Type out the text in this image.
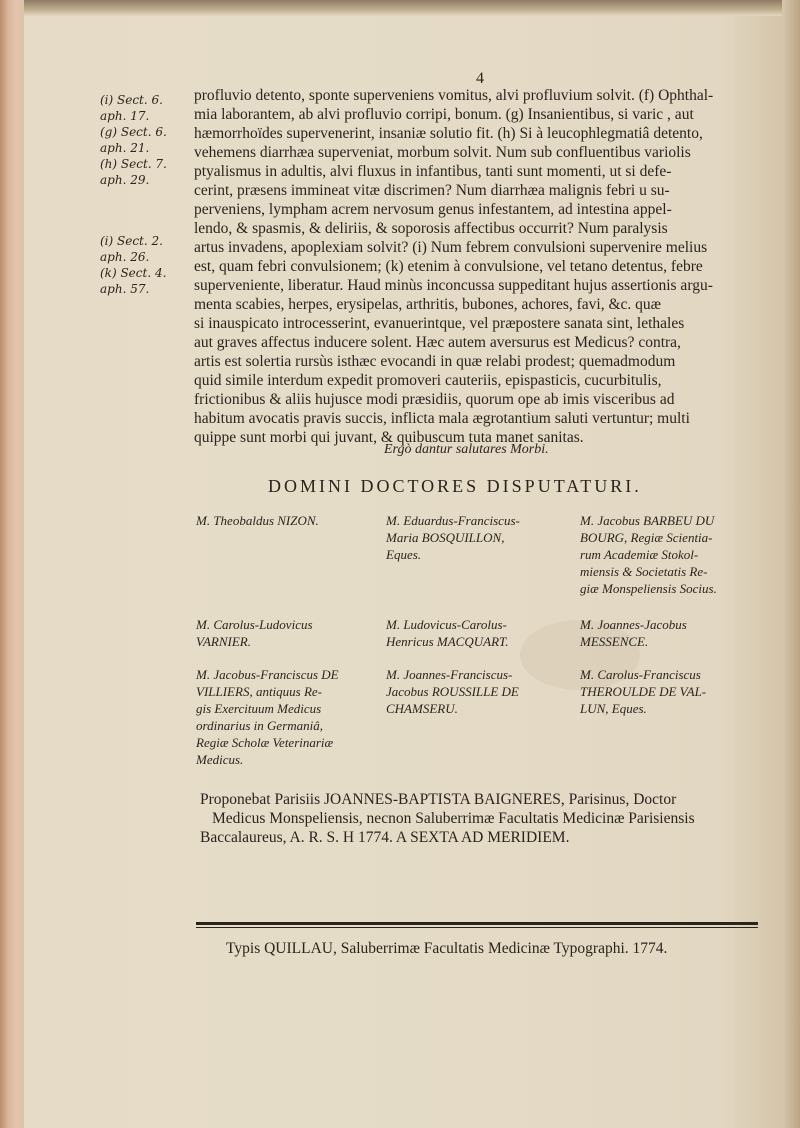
4
(i) Sect. 6.
aph. 17.
(g) Sect. 6.
aph. 21.
(h) Sect. 7.
aph. 29.
(i) Sect. 2.
aph. 26.
(k) Sect. 4.
aph. 57.
profluvio detento, sponte superveniens vomitus, alvi profluvium solvit. (f) Ophthal-
mia laborantem, ab alvi profluvio corripi, bonum. (g) Insanientibus, si varic , aut
hæmorrhoïdes supervenerint, insaniæ solutio fit. (h) Si à leucophlegmatiâ detento,
vehemens diarrhæa superveniat, morbum solvit. Num sub confluentibus variolis
ptyalismus in adultis, alvi fluxus in infantibus, tanti sunt momenti, ut si defe-
cerint, præsens immineat vitæ discrimen? Num diarrhæa malignis febri u su-
perveniens, lympham acrem nervosum genus infestantem, ad intestina appel-
lendo, & spasmis, & deliriis, & soporosis affectibus occurrit? Num paralysis
artus invadens, apoplexiam solvit? (i) Num febrem convulsioni supervenire melius
est, quam febri convulsionem; (k) etenim à convulsione, vel tetano detentus, febre
superveniente, liberatur. Haud minùs inconcussa suppeditant hujus assertionis argu-
menta scabies, herpes, erysipelas, arthritis, bubones, achores, favi, &c. quæ
si inauspicato introcesserint, evanuerintque, vel præpostere sanata sint, lethales
aut graves affectus inducere solent. Hæc autem aversurus est Medicus? contra,
artis est solertia rursùs isthæc evocandi in quæ relabi prodest; quemadmodum
quid simile interdum expedit promoveri cauteriis, epispasticis, cucurbitulis,
frictionibus & aliis hujusce modi præsidiis, quorum ope ab imis visceribus ad
habitum avocatis pravis succis, inflicta mala ægrotantium saluti vertuntur; multi
quippe sunt morbi qui juvant, & quibuscum tuta manet sanitas.
Ergò dantur salutares Morbi.
DOMINI DOCTORES DISPUTATURI.
M. Theobaldus NIZON.	M. Eduardus-Franciscus-
Maria BOSQUILLON,
Eques.
M. Jacobus BARBEU DU
BOURG, Regiæ Scientia-
rum Academiæ Stokol-
miensis & Societatis Re-
giæ Monspeliensis Socius.
M. Carolus-Ludovicus
VARNIER.
M. Ludovicus-Carolus-
Henricus MACQUART.
M. Joannes-Jacobus
MESSENCE.
M. Jacobus-Franciscus DE
VILLIERS, antiquus Re-
gis Exercituum Medicus
ordinarius in Germaniâ,
Regiæ Scholæ Veterinariæ
Medicus.
M. Joannes-Franciscus-
Jacobus ROUSSILLE DE
CHAMSERU.
M. Carolus-Franciscus
THEROULDE DE VAL-
LUN, Eques.
Proponebat Parisiis JOANNES-BAPTISTA BAIGNERES, Parisinus, Doctor
Medicus Monspeliensis, necnon Saluberrimæ Facultatis Medicinæ Parisiensis
Baccalaureus, A. R. S. H 1774. A SEXTA AD MERIDIEM.
Typis QUILLAU, Saluberrimæ Facultatis Medicinæ Typographi. 1774.
